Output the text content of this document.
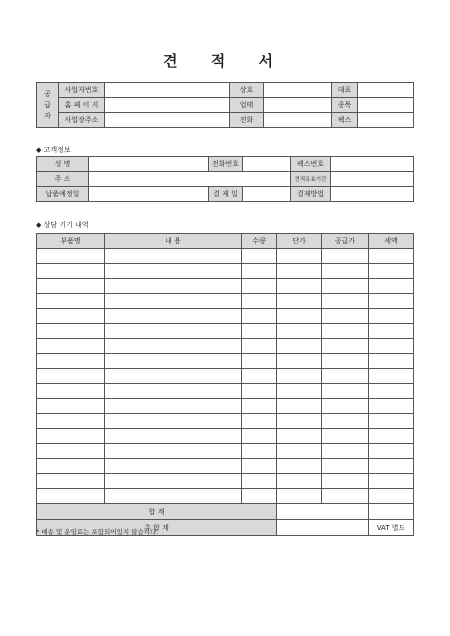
견 적 서
공
급
자	사업자번호		상호		대표	
	홈 페 이 지		업태		종목	
	사업장주소		전화		팩스	
◆ 고객정보
성 명		전화번호		팩스번호	
주 소				견적유효기간	
납품예정일		결 제 일		결재방법	
◆ 상담 기기 내역
부품명	내 용	수량	단가	공급가	세액

합 계					
총 합 계					VAT 별도
* 배송 및 운임료는 포함되어있지 않습니다.
